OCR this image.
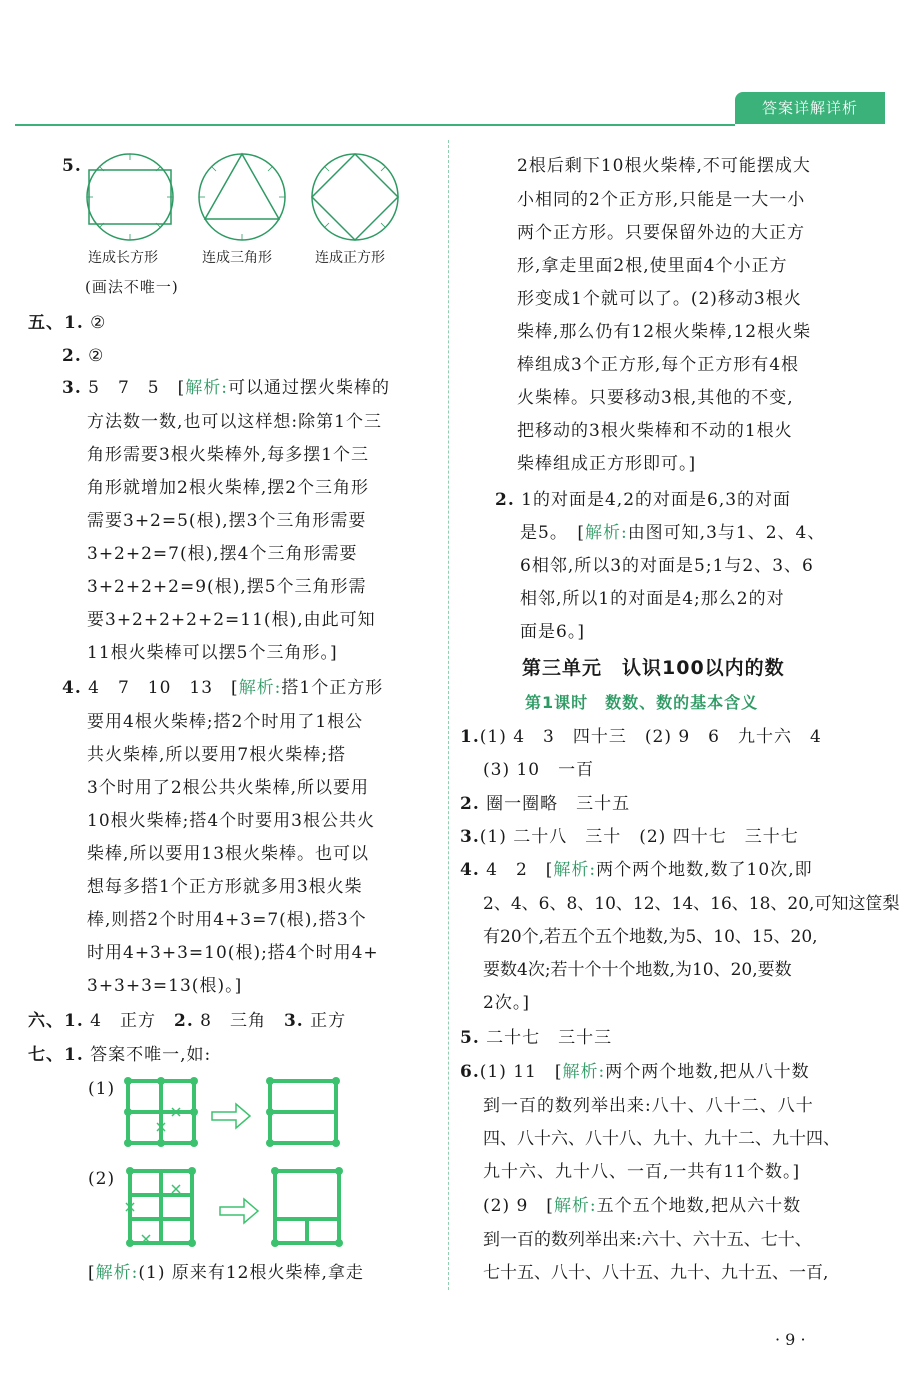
答案详解详析
5.
连成长方形	连成三角形	连成正方形
(画法不唯一)
五、1. ②
2. ②
3. 5　7　5　[解析:可以通过摆火柴棒的
方法数一数,也可以这样想:除第1个三
角形需要3根火柴棒外,每多摆1个三
角形就增加2根火柴棒,摆2个三角形
需要3+2=5(根),摆3个三角形需要
3+2+2=7(根),摆4个三角形需要
3+2+2+2=9(根),摆5个三角形需
要3+2+2+2+2=11(根),由此可知
11根火柴棒可以摆5个三角形。]
4. 4　7　10　13　[解析:搭1个正方形
要用4根火柴棒;搭2个时用了1根公
共火柴棒,所以要用7根火柴棒;搭
3个时用了2根公共火柴棒,所以要用
10根火柴棒;搭4个时要用3根公共火
柴棒,所以要用13根火柴棒。也可以
想每多搭1个正方形就多用3根火柴
棒,则搭2个时用4+3=7(根),搭3个
时用4+3+3=10(根);搭4个时用4+
3+3+3=13(根)。]
六、1. 4　正方　 2. 8　三角　 3. 正方
七、1. 答案不唯一,如:
(1)
(2)
[解析:(1) 原来有12根火柴棒,拿走
2根后剩下10根火柴棒,不可能摆成大
小相同的2个正方形,只能是一大一小
两个正方形。只要保留外边的大正方
形,拿走里面2根,使里面4个小正方
形变成1个就可以了。(2)移动3根火
柴棒,那么仍有12根火柴棒,12根火柴
棒组成3个正方形,每个正方形有4根
火柴棒。只要移动3根,其他的不变,
把移动的3根火柴棒和不动的1根火
柴棒组成正方形即可。]
2. 1的对面是4,2的对面是6,3的对面
是5。　[解析:由图可知,3与1、2、4、
6相邻,所以3的对面是5;1与2、3、6
相邻,所以1的对面是4;那么2的对
面是6。]
第三单元　认识100以内的数
第1课时　数数、数的基本含义
1.(1) 4　3　四十三　(2) 9　6　九十六　4
(3) 10　一百
2. 圈一圈略　三十五
3.(1) 二十八　三十　(2) 四十七　三十七
4. 4　2　[解析:两个两个地数,数了10次,即
2、4、6、8、10、12、14、16、18、20,可知这筐梨
有20个,若五个五个地数,为5、10、15、20,
要数4次;若十个十个地数,为10、20,要数
2次。]
5. 二十七　三十三
6.(1) 11　[解析:两个两个地数,把从八十数
到一百的数列举出来:八十、八十二、八十
四、八十六、八十八、九十、九十二、九十四、
九十六、九十八、一百,一共有11个数。]
(2) 9　[解析:五个五个地数,把从六十数
到一百的数列举出来:六十、六十五、七十、
七十五、八十、八十五、九十、九十五、一百,
· 9 ·
